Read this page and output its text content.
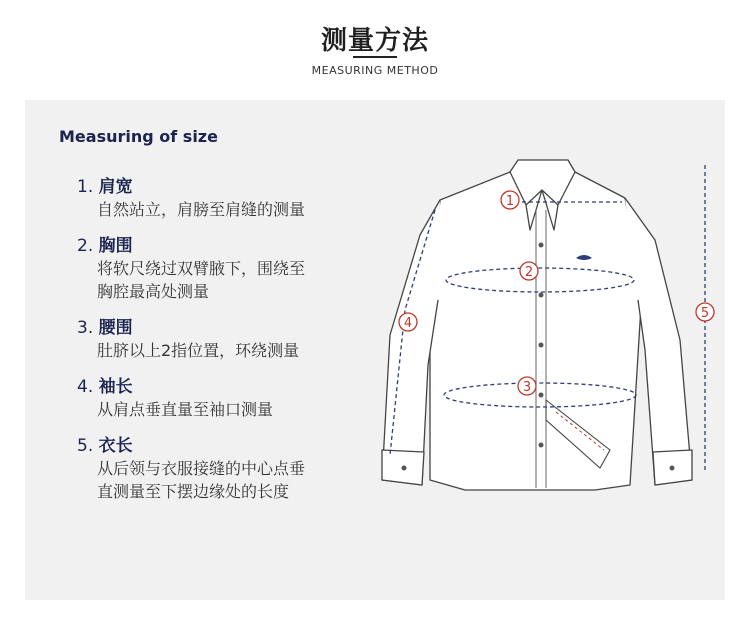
测量方法
MEASURING METHOD
Measuring of size
1. 肩宽
自然站立，肩膀至肩缝的测量
2. 胸围
将软尺绕过双臂腋下，围绕至
胸腔最高处测量
3. 腰围
肚脐以上2指位置，环绕测量
4. 袖长
从肩点垂直量至袖口测量
5. 衣长
从后领与衣服接缝的中心点垂
直测量至下摆边缘处的长度
1
2
3
4
5
